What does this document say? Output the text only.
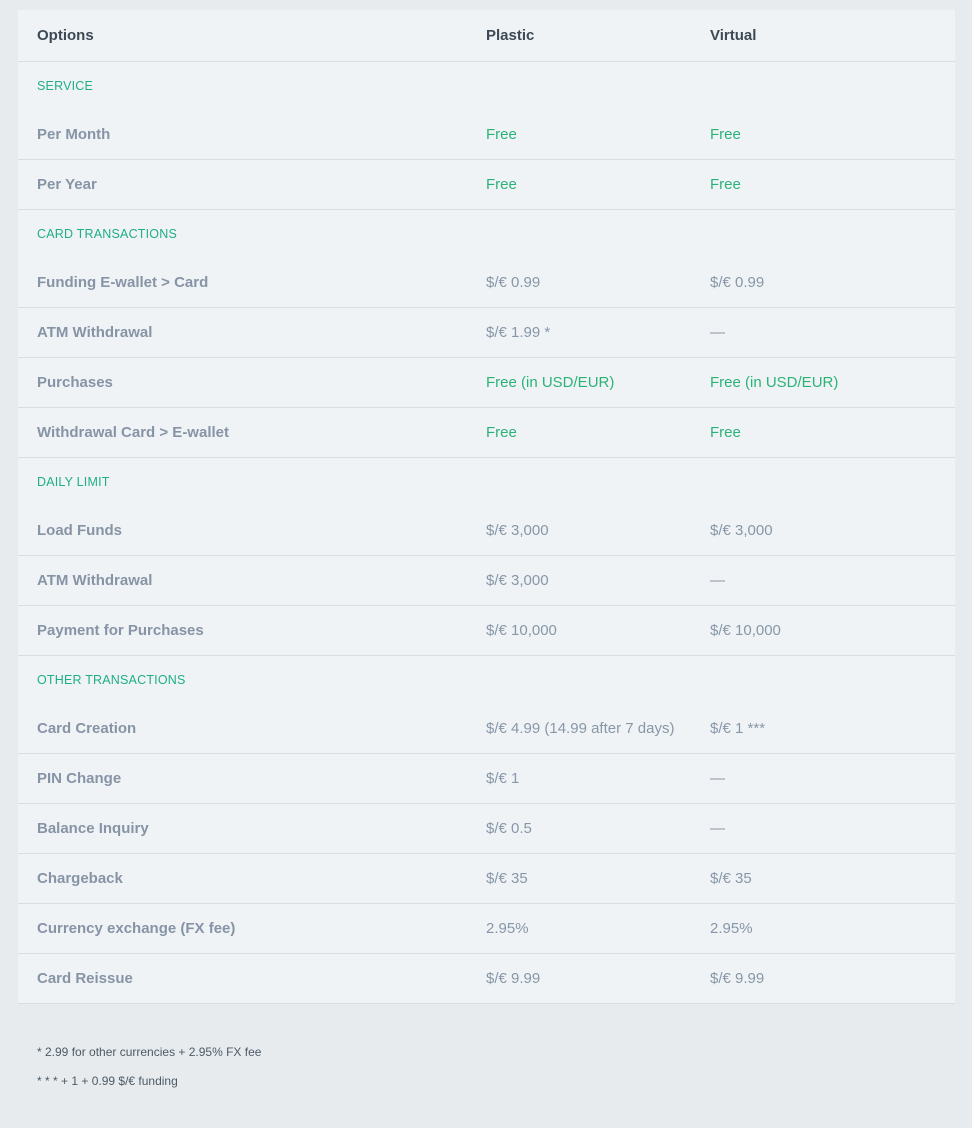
Options	Plastic	Virtual
SERVICE
Per Month	Free	Free
Per Year	Free	Free
CARD TRANSACTIONS
Funding E-wallet > Card	$/€ 0.99	$/€ 0.99
ATM Withdrawal	$/€ 1.99 *	—
Purchases	Free (in USD/EUR)	Free (in USD/EUR)
Withdrawal Card > E-wallet	Free	Free
DAILY LIMIT
Load Funds	$/€ 3,000	$/€ 3,000
ATM Withdrawal	$/€ 3,000	—
Payment for Purchases	$/€ 10,000	$/€ 10,000
OTHER TRANSACTIONS
Card Creation	$/€ 4.99 (14.99 after 7 days)	$/€ 1 ***
PIN Change	$/€ 1	—
Balance Inquiry	$/€ 0.5	—
Chargeback	$/€ 35	$/€ 35
Currency exchange (FX fee)	2.95%	2.95%
Card Reissue	$/€ 9.99	$/€ 9.99
* 2.99 for other currencies + 2.95% FX fee
* * * + 1 + 0.99 $/€ funding
